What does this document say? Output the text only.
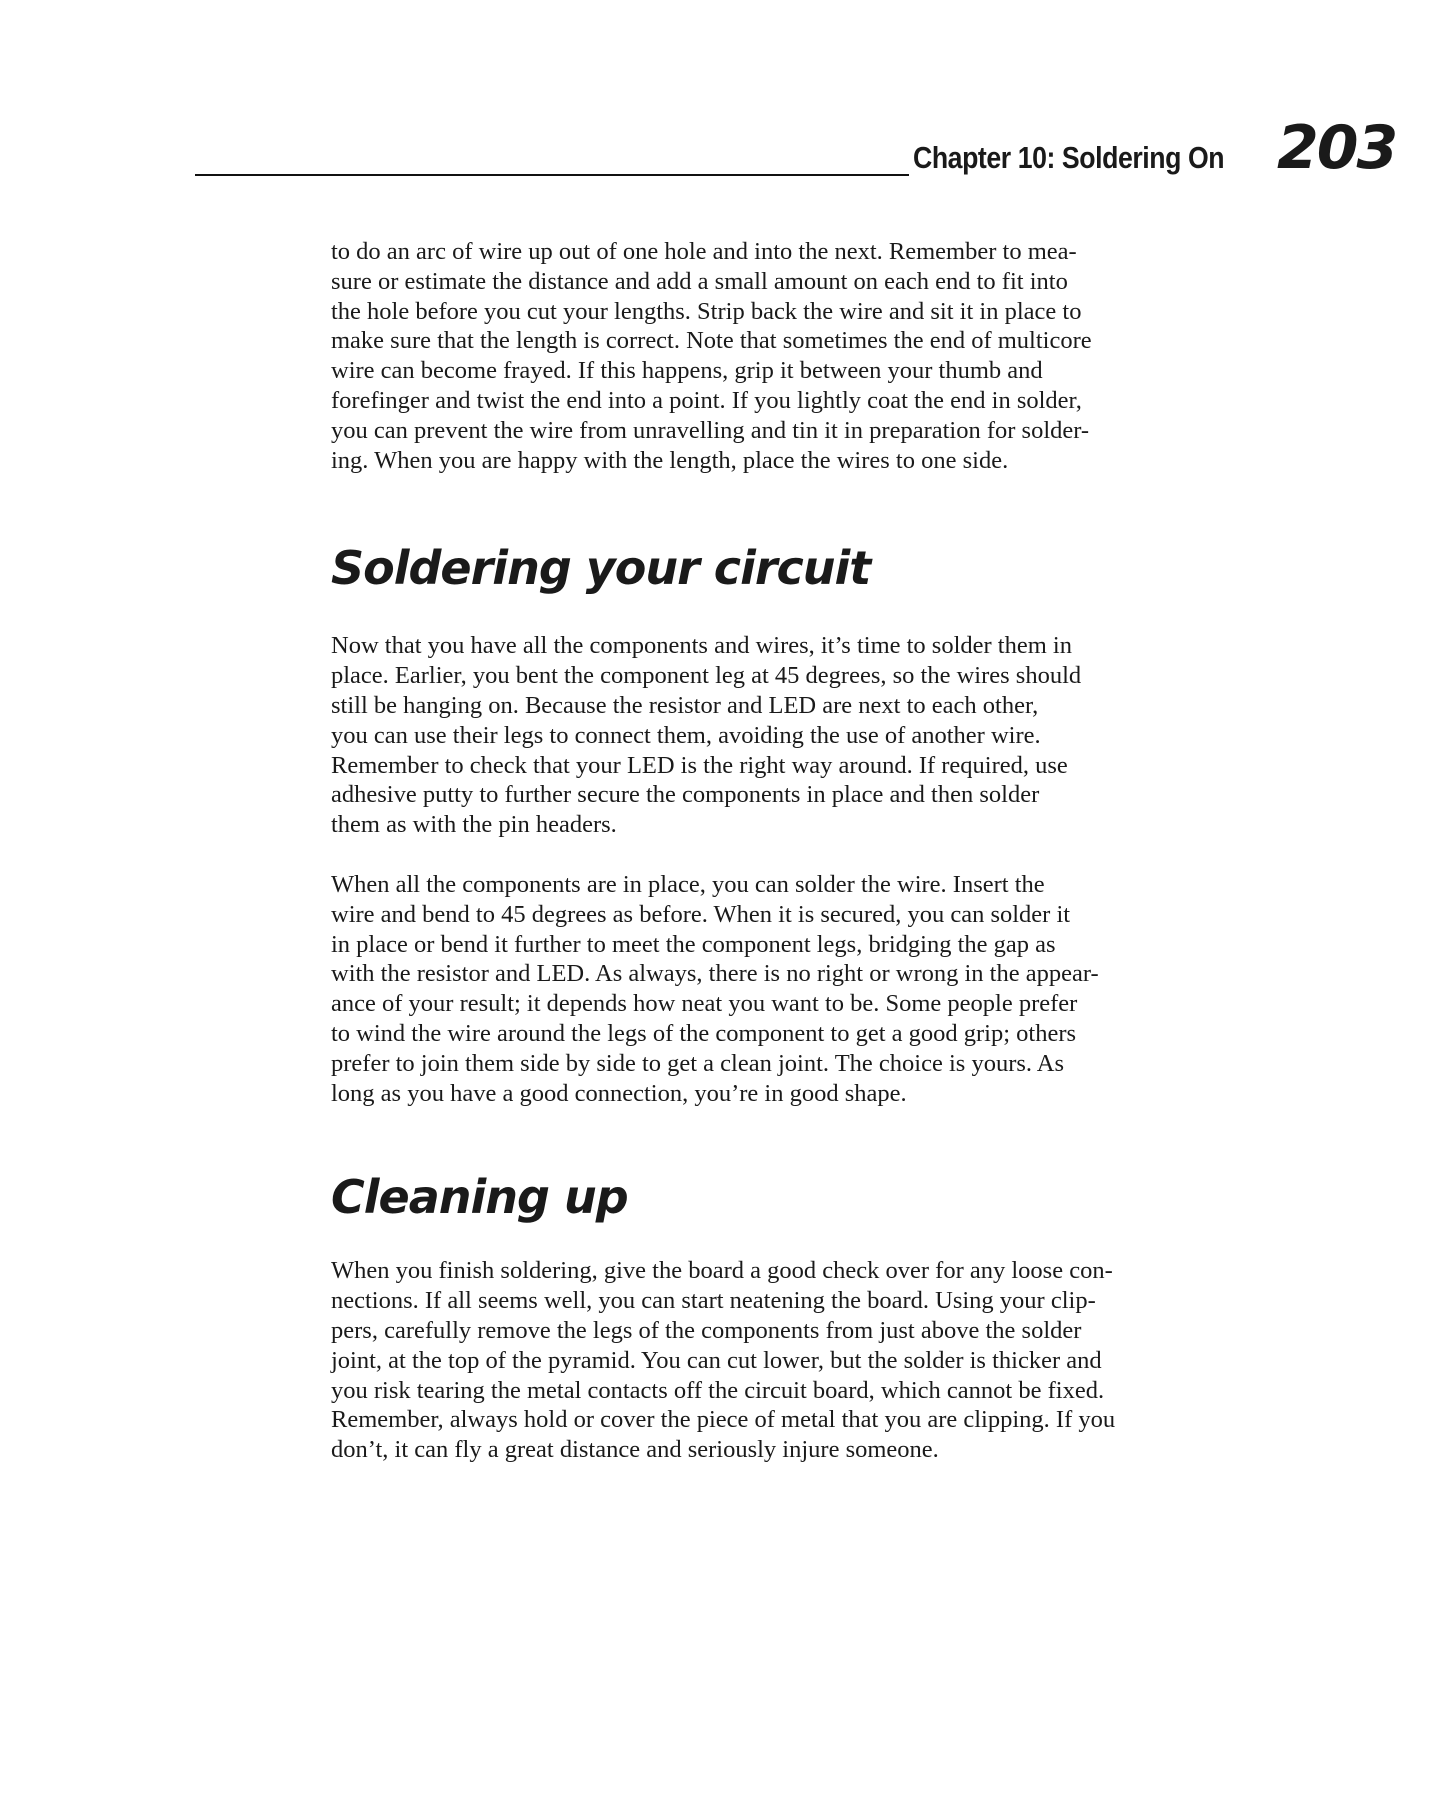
Chapter 10: Soldering On 203

to do an arc of wire up out of one hole and into the next. Remember to mea-
sure or estimate the distance and add a small amount on each end to fit into
the hole before you cut your lengths. Strip back the wire and sit it in place to
make sure that the length is correct. Note that sometimes the end of multicore
wire can become frayed. If this happens, grip it between your thumb and
forefinger and twist the end into a point. If you lightly coat the end in solder,
you can prevent the wire from unravelling and tin it in preparation for solder-
ing. When you are happy with the length, place the wires to one side.

Soldering your circuit

Now that you have all the components and wires, it’s time to solder them in
place. Earlier, you bent the component leg at 45 degrees, so the wires should
still be hanging on. Because the resistor and LED are next to each other,
you can use their legs to connect them, avoiding the use of another wire.
Remember to check that your LED is the right way around. If required, use
adhesive putty to further secure the components in place and then solder
them as with the pin headers.

When all the components are in place, you can solder the wire. Insert the
wire and bend to 45 degrees as before. When it is secured, you can solder it
in place or bend it further to meet the component legs, bridging the gap as
with the resistor and LED. As always, there is no right or wrong in the appear-
ance of your result; it depends how neat you want to be. Some people prefer
to wind the wire around the legs of the component to get a good grip; others
prefer to join them side by side to get a clean joint. The choice is yours. As
long as you have a good connection, you’re in good shape.

Cleaning up

When you finish soldering, give the board a good check over for any loose con-
nections. If all seems well, you can start neatening the board. Using your clip-
pers, carefully remove the legs of the components from just above the solder
joint, at the top of the pyramid. You can cut lower, but the solder is thicker and
you risk tearing the metal contacts off the circuit board, which cannot be fixed.
Remember, always hold or cover the piece of metal that you are clipping. If you
don’t, it can fly a great distance and seriously injure someone.
